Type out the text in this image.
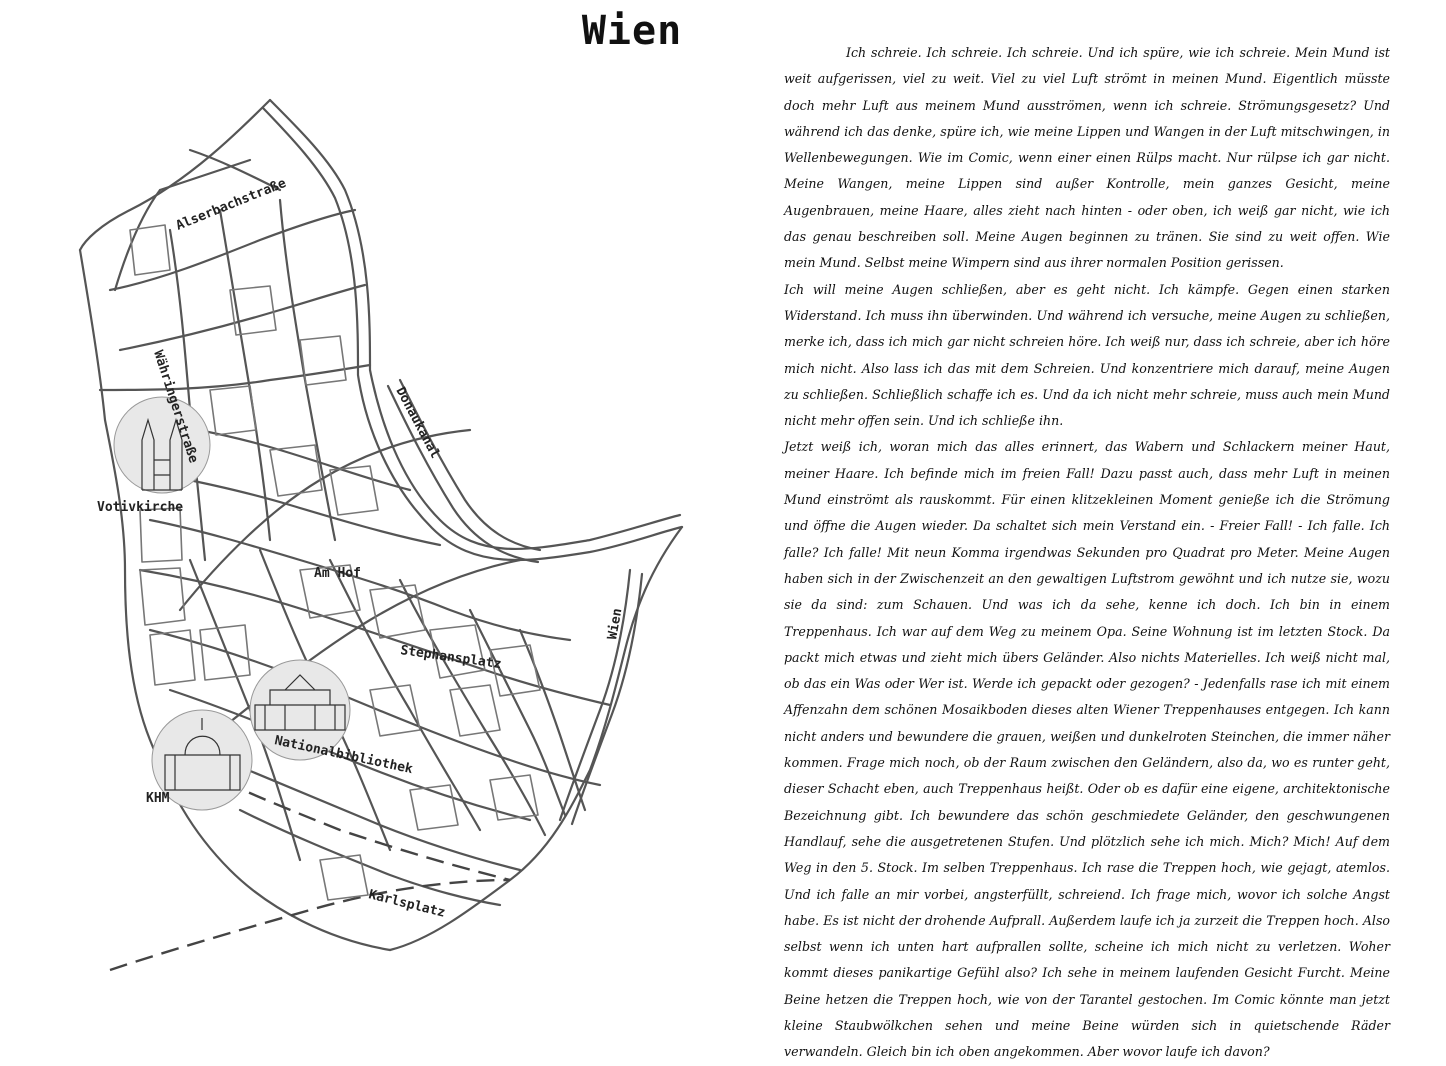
Wien
Alserbachstraße
Währingerstraße
Votivkirche
Donaukanal
Am Hof
Wien
Stephansplatz
Nationalbibliothek
KHM
Karlsplatz

Ich schreie. Ich schreie. Ich schreie. Und ich spüre, wie ich schreie. Mein Mund ist weit aufgerissen, viel zu weit. Viel zu viel Luft strömt in meinen Mund. Eigentlich müsste doch mehr Luft aus meinem Mund ausströmen, wenn ich schreie. Strömungsgesetz? Und während ich das denke, spüre ich, wie meine Lippen und Wangen in der Luft mitschwingen, in Wellenbewegungen. Wie im Comic, wenn einer einen Rülps macht. Nur rülpse ich gar nicht. Meine Wangen, meine Lippen sind außer Kontrolle, mein ganzes Gesicht, meine Augenbrauen, meine Haare, alles zieht nach hinten - oder oben, ich weiß gar nicht, wie ich das genau beschreiben soll. Meine Augen beginnen zu tränen. Sie sind zu weit offen. Wie mein Mund. Selbst meine Wimpern sind aus ihrer normalen Position gerissen.

Ich will meine Augen schließen, aber es geht nicht. Ich kämpfe. Gegen einen starken Widerstand. Ich muss ihn überwinden. Und während ich versuche, meine Augen zu schließen, merke ich, dass ich mich gar nicht schreien höre. Ich weiß nur, dass ich schreie, aber ich höre mich nicht. Also lass ich das mit dem Schreien. Und konzentriere mich darauf, meine Augen zu schließen. Schließlich schaffe ich es. Und da ich nicht mehr schreie, muss auch mein Mund nicht mehr offen sein. Und ich schließe ihn.

Jetzt weiß ich, woran mich das alles erinnert, das Wabern und Schlackern meiner Haut, meiner Haare. Ich befinde mich im freien Fall! Dazu passt auch, dass mehr Luft in meinen Mund einströmt als rauskommt. Für einen klitzekleinen Moment genieße ich die Strömung und öffne die Augen wieder. Da schaltet sich mein Verstand ein. - Freier Fall! - Ich falle. Ich falle? Ich falle! Mit neun Komma irgendwas Sekunden pro Quadrat pro Meter. Meine Augen haben sich in der Zwischenzeit an den gewaltigen Luftstrom gewöhnt und ich nutze sie, wozu sie da sind: zum Schauen. Und was ich da sehe, kenne ich doch. Ich bin in einem Treppenhaus. Ich war auf dem Weg zu meinem Opa. Seine Wohnung ist im letzten Stock. Da packt mich etwas und zieht mich übers Geländer. Also nichts Materielles. Ich weiß nicht mal, ob das ein Was oder Wer ist. Werde ich gepackt oder gezogen? - Jedenfalls rase ich mit einem Affenzahn dem schönen Mosaikboden dieses alten Wiener Treppenhauses entgegen. Ich kann nicht anders und bewundere die grauen, weißen und dunkelroten Steinchen, die immer näher kommen. Frage mich noch, ob der Raum zwischen den Geländern, also da, wo es runter geht, dieser Schacht eben, auch Treppenhaus heißt. Oder ob es dafür eine eigene, architektonische Bezeichnung gibt. Ich bewundere das schön geschmiedete Geländer, den geschwungenen Handlauf, sehe die ausgetretenen Stufen. Und plötzlich sehe ich mich. Mich? Mich! Auf dem Weg in den 5. Stock. Im selben Treppenhaus. Ich rase die Treppen hoch, wie gejagt, atemlos. Und ich falle an mir vorbei, angsterfüllt, schreiend. Ich frage mich, wovor ich solche Angst habe. Es ist nicht der drohende Aufprall. Außerdem laufe ich ja zurzeit die Treppen hoch. Also selbst wenn ich unten hart aufprallen sollte, scheine ich mich nicht zu verletzen. Woher kommt dieses panikartige Gefühl also? Ich sehe in meinem laufenden Gesicht Furcht. Meine Beine hetzen die Treppen hoch, wie von der Tarantel gestochen. Im Comic könnte man jetzt kleine Staubwölkchen sehen und meine Beine würden sich in quietschende Räder verwandeln. Gleich bin ich oben angekommen. Aber wovor laufe ich davon?
